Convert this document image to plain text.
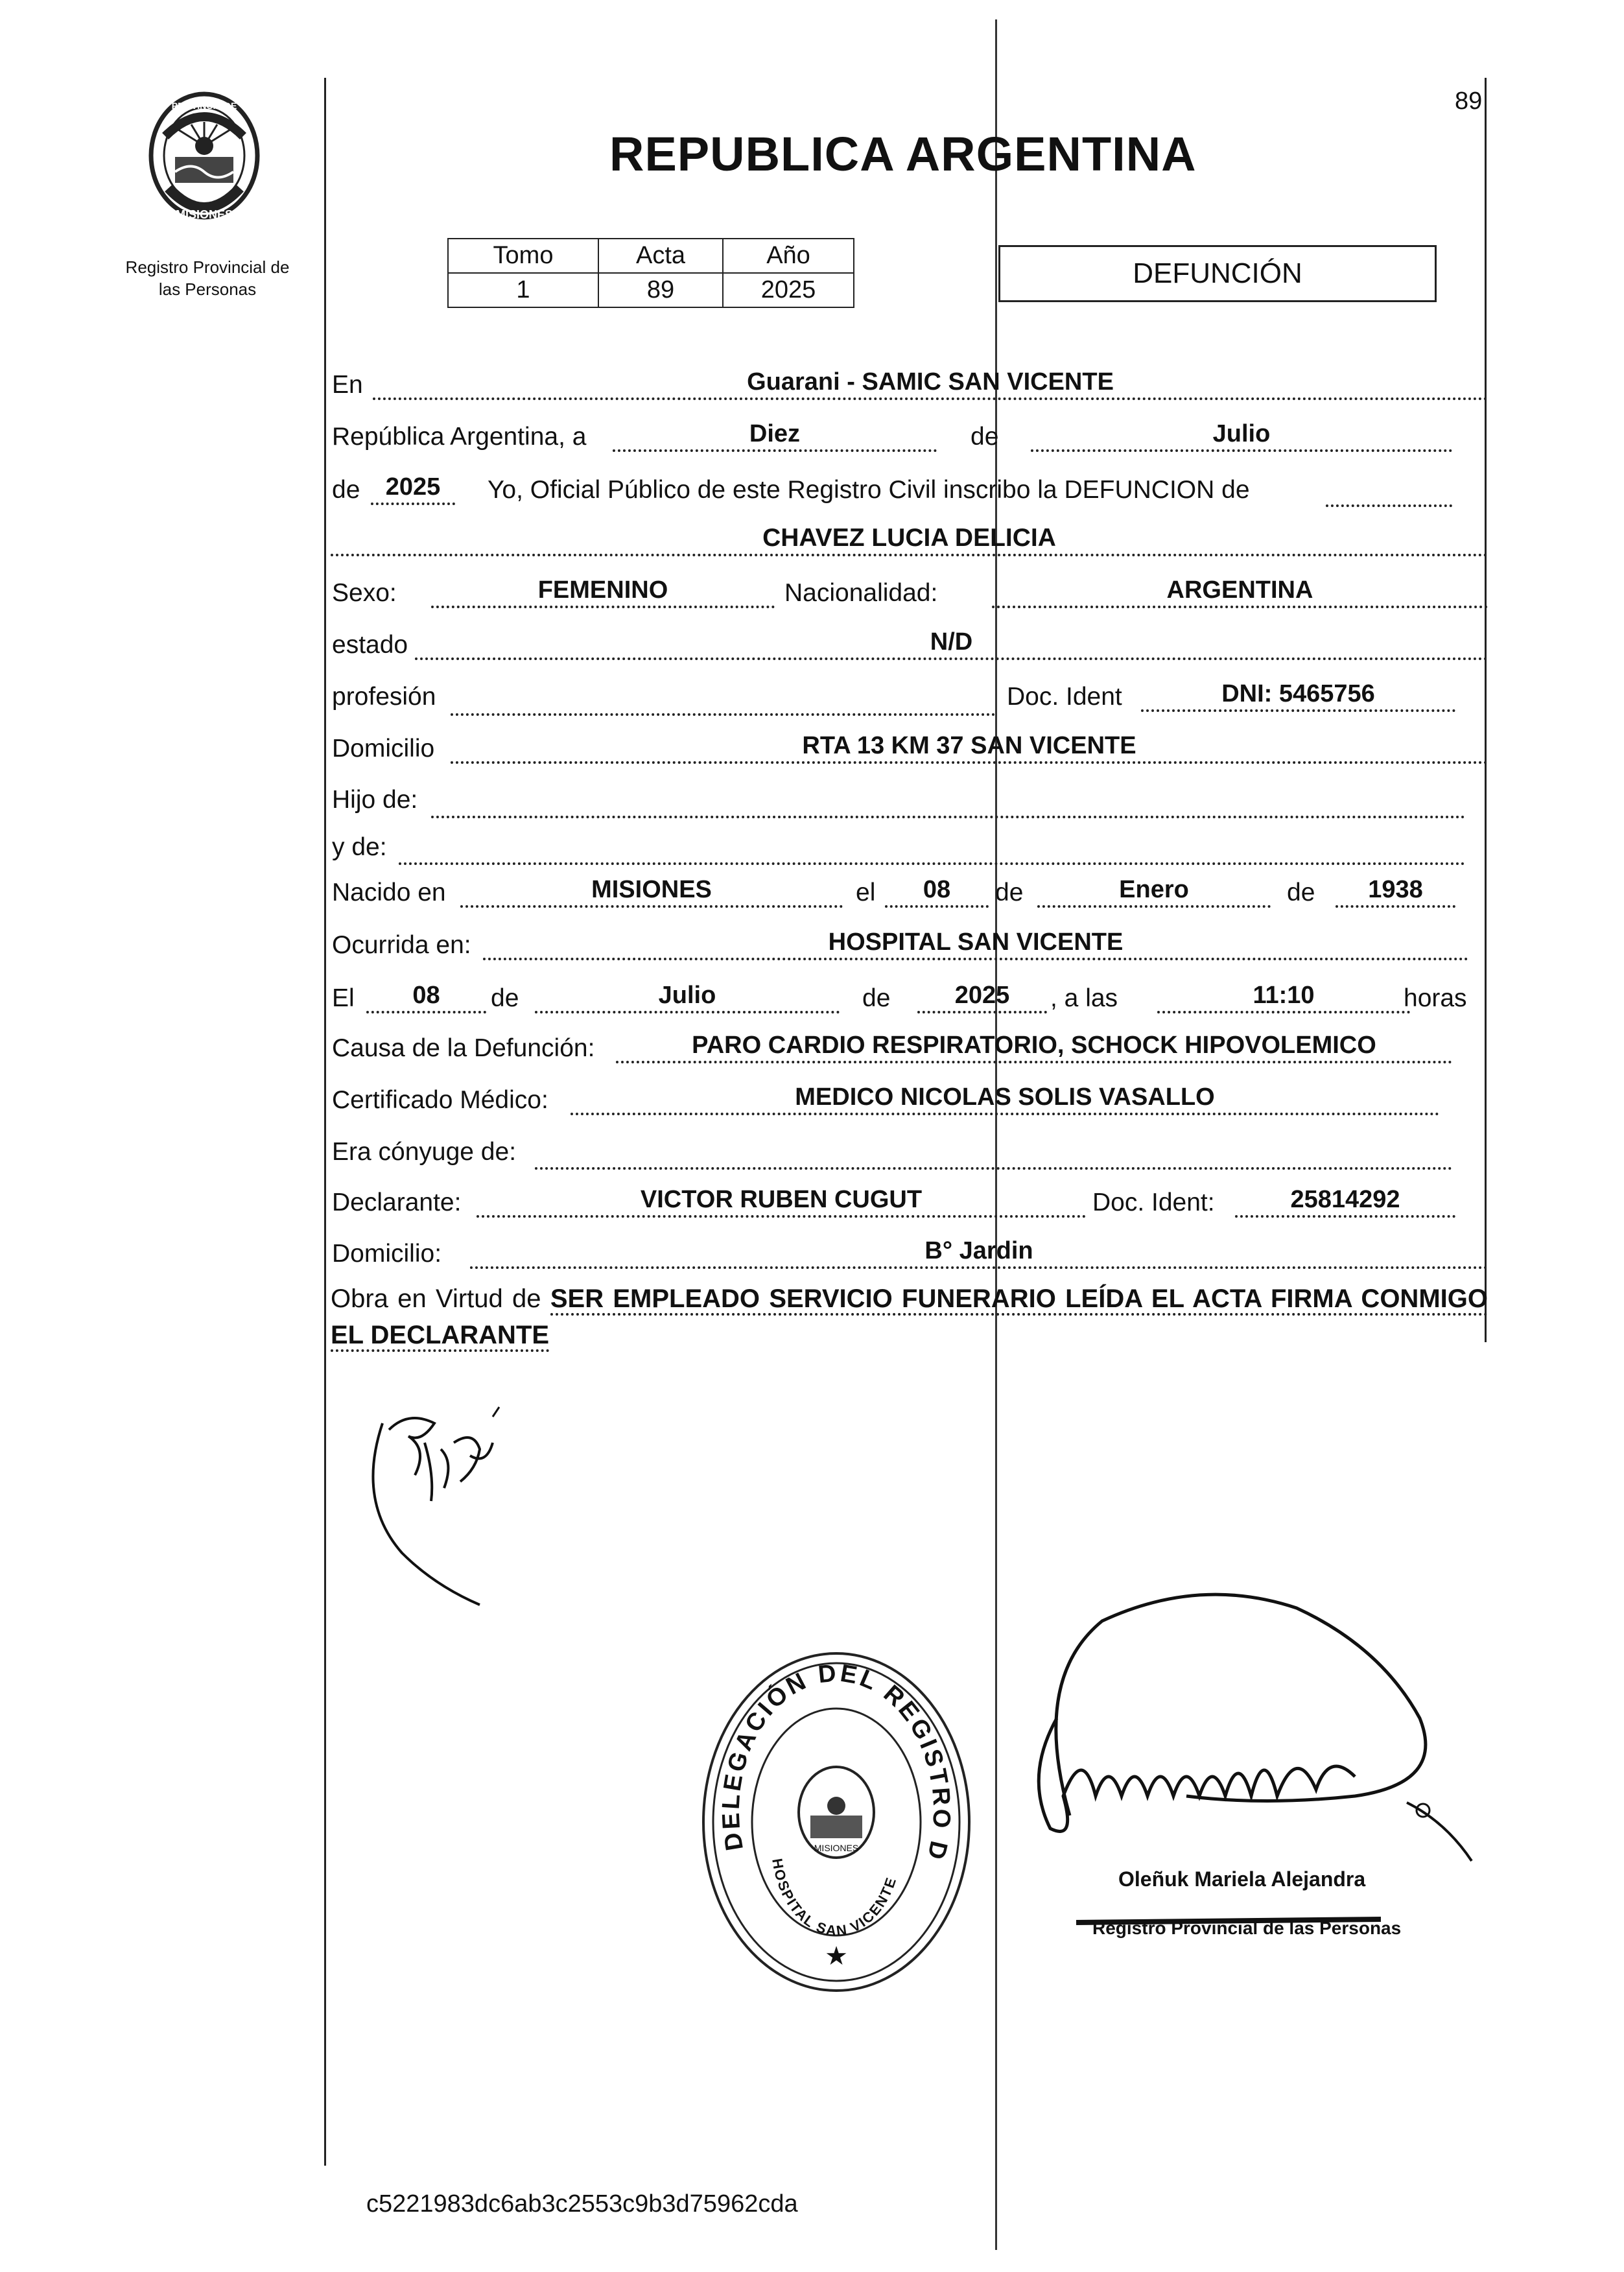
89
PROVINCIA DE
MISIONES
Registro Provincial de
las Personas
REPUBLICA ARGENTINA
Tomo	Acta	Año
1	89	2025
DEFUNCIÓN
En	Guarani - SAMIC SAN VICENTE
República Argentina, a	Diez	de	Julio
de	2025	Yo, Oficial Público de este Registro Civil inscribo la DEFUNCION de
CHAVEZ LUCIA DELICIA
Sexo:	FEMENINO	Nacionalidad:	ARGENTINA
estado	N/D
profesión	Doc. Ident	DNI: 5465756
Domicilio	RTA 13 KM 37 SAN VICENTE
Hijo de:
y de:
Nacido en	MISIONES	el	08	de	Enero	de	1938
Ocurrida en:	HOSPITAL SAN VICENTE
El	08	de	Julio	de	2025	, a las	11:10	horas
Causa de la Defunción:	PARO CARDIO RESPIRATORIO, SCHOCK HIPOVOLEMICO
Certificado Médico:	MEDICO NICOLAS SOLIS VASALLO
Era cónyuge de:
Declarante:	VICTOR RUBEN CUGUT	Doc. Ident:	25814292
Domicilio:	B° Jardin
Obra en Virtud de SER EMPLEADO SERVICIO FUNERARIO LEÍDA EL ACTA FIRMA CONMIGO EL DECLARANTE
DELEGACIÓN DEL REGISTRO DE LAS PERSONAS
HOSPITAL SAN VICENTE
MISIONES
★
Oleñuk Mariela Alejandra
Registro Provincial de las Personas
c5221983dc6ab3c2553c9b3d75962cda
